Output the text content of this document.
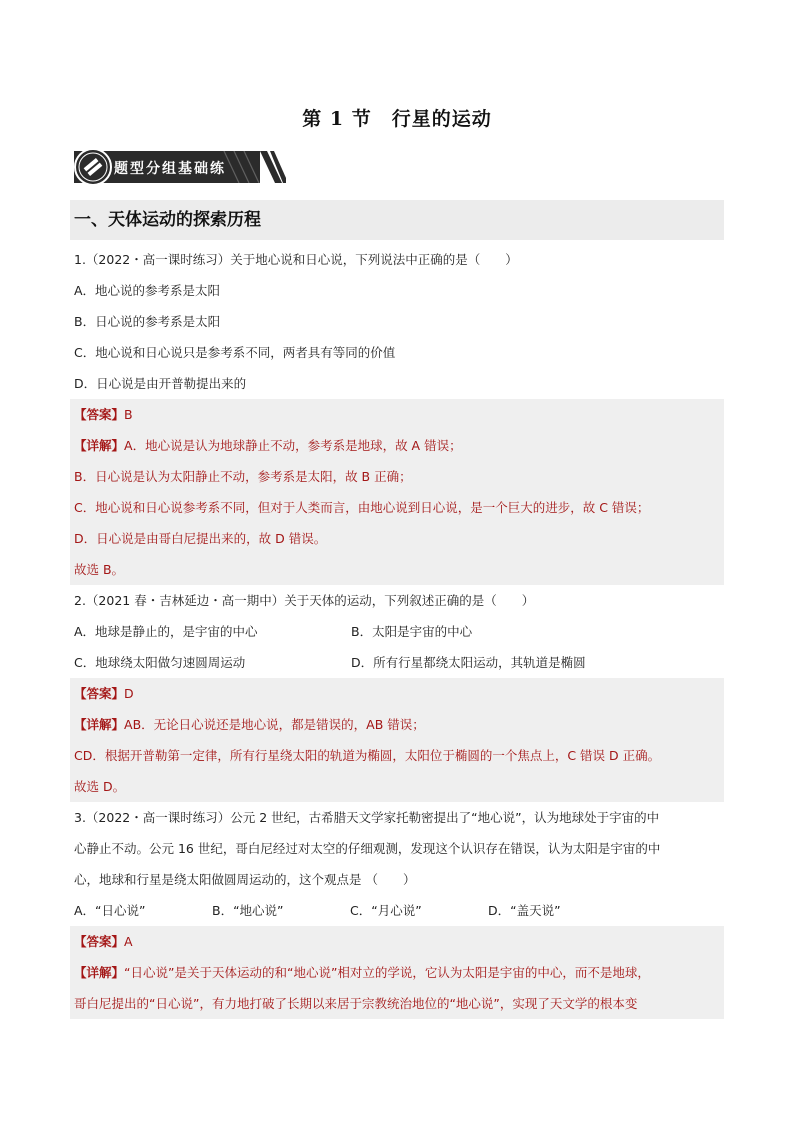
第 1 节　行星的运动
题型分组基础练
一、天体运动的探索历程
1.（2022・高一课时练习）关于地心说和日心说，下列说法中正确的是（　　）
A．地心说的参考系是太阳
B．日心说的参考系是太阳
C．地心说和日心说只是参考系不同，两者具有等同的价值
D．日心说是由开普勒提出来的
【答案】B
【详解】A．地心说是认为地球静止不动，参考系是地球，故 A 错误；
B．日心说是认为太阳静止不动，参考系是太阳，故 B 正确；
C．地心说和日心说参考系不同，但对于人类而言，由地心说到日心说，是一个巨大的进步，故 C 错误；
D．日心说是由哥白尼提出来的，故 D 错误。
故选 B。
2.（2021 春・吉林延边・高一期中）关于天体的运动，下列叙述正确的是（　　）
A．地球是静止的，是宇宙的中心	B．太阳是宇宙的中心
C．地球绕太阳做匀速圆周运动	D．所有行星都绕太阳运动，其轨道是椭圆
【答案】D
【详解】AB．无论日心说还是地心说，都是错误的，AB 错误；
CD．根据开普勒第一定律，所有行星绕太阳的轨道为椭圆，太阳位于椭圆的一个焦点上，C 错误 D 正确。
故选 D。
3.（2022・高一课时练习）公元 2 世纪，古希腊天文学家托勒密提出了“地心说”，认为地球处于宇宙的中
心静止不动。公元 16 世纪，哥白尼经过对太空的仔细观测，发现这个认识存在错误，认为太阳是宇宙的中
心，地球和行星是绕太阳做圆周运动的，这个观点是 （　　）
A．“日心说”	B．“地心说”	C．“月心说”	D．“盖天说”
【答案】A
【详解】“日心说”是关于天体运动的和“地心说”相对立的学说，它认为太阳是宇宙的中心，而不是地球，
哥白尼提出的“日心说”，有力地打破了长期以来居于宗教统治地位的“地心说”，实现了天文学的根本变
